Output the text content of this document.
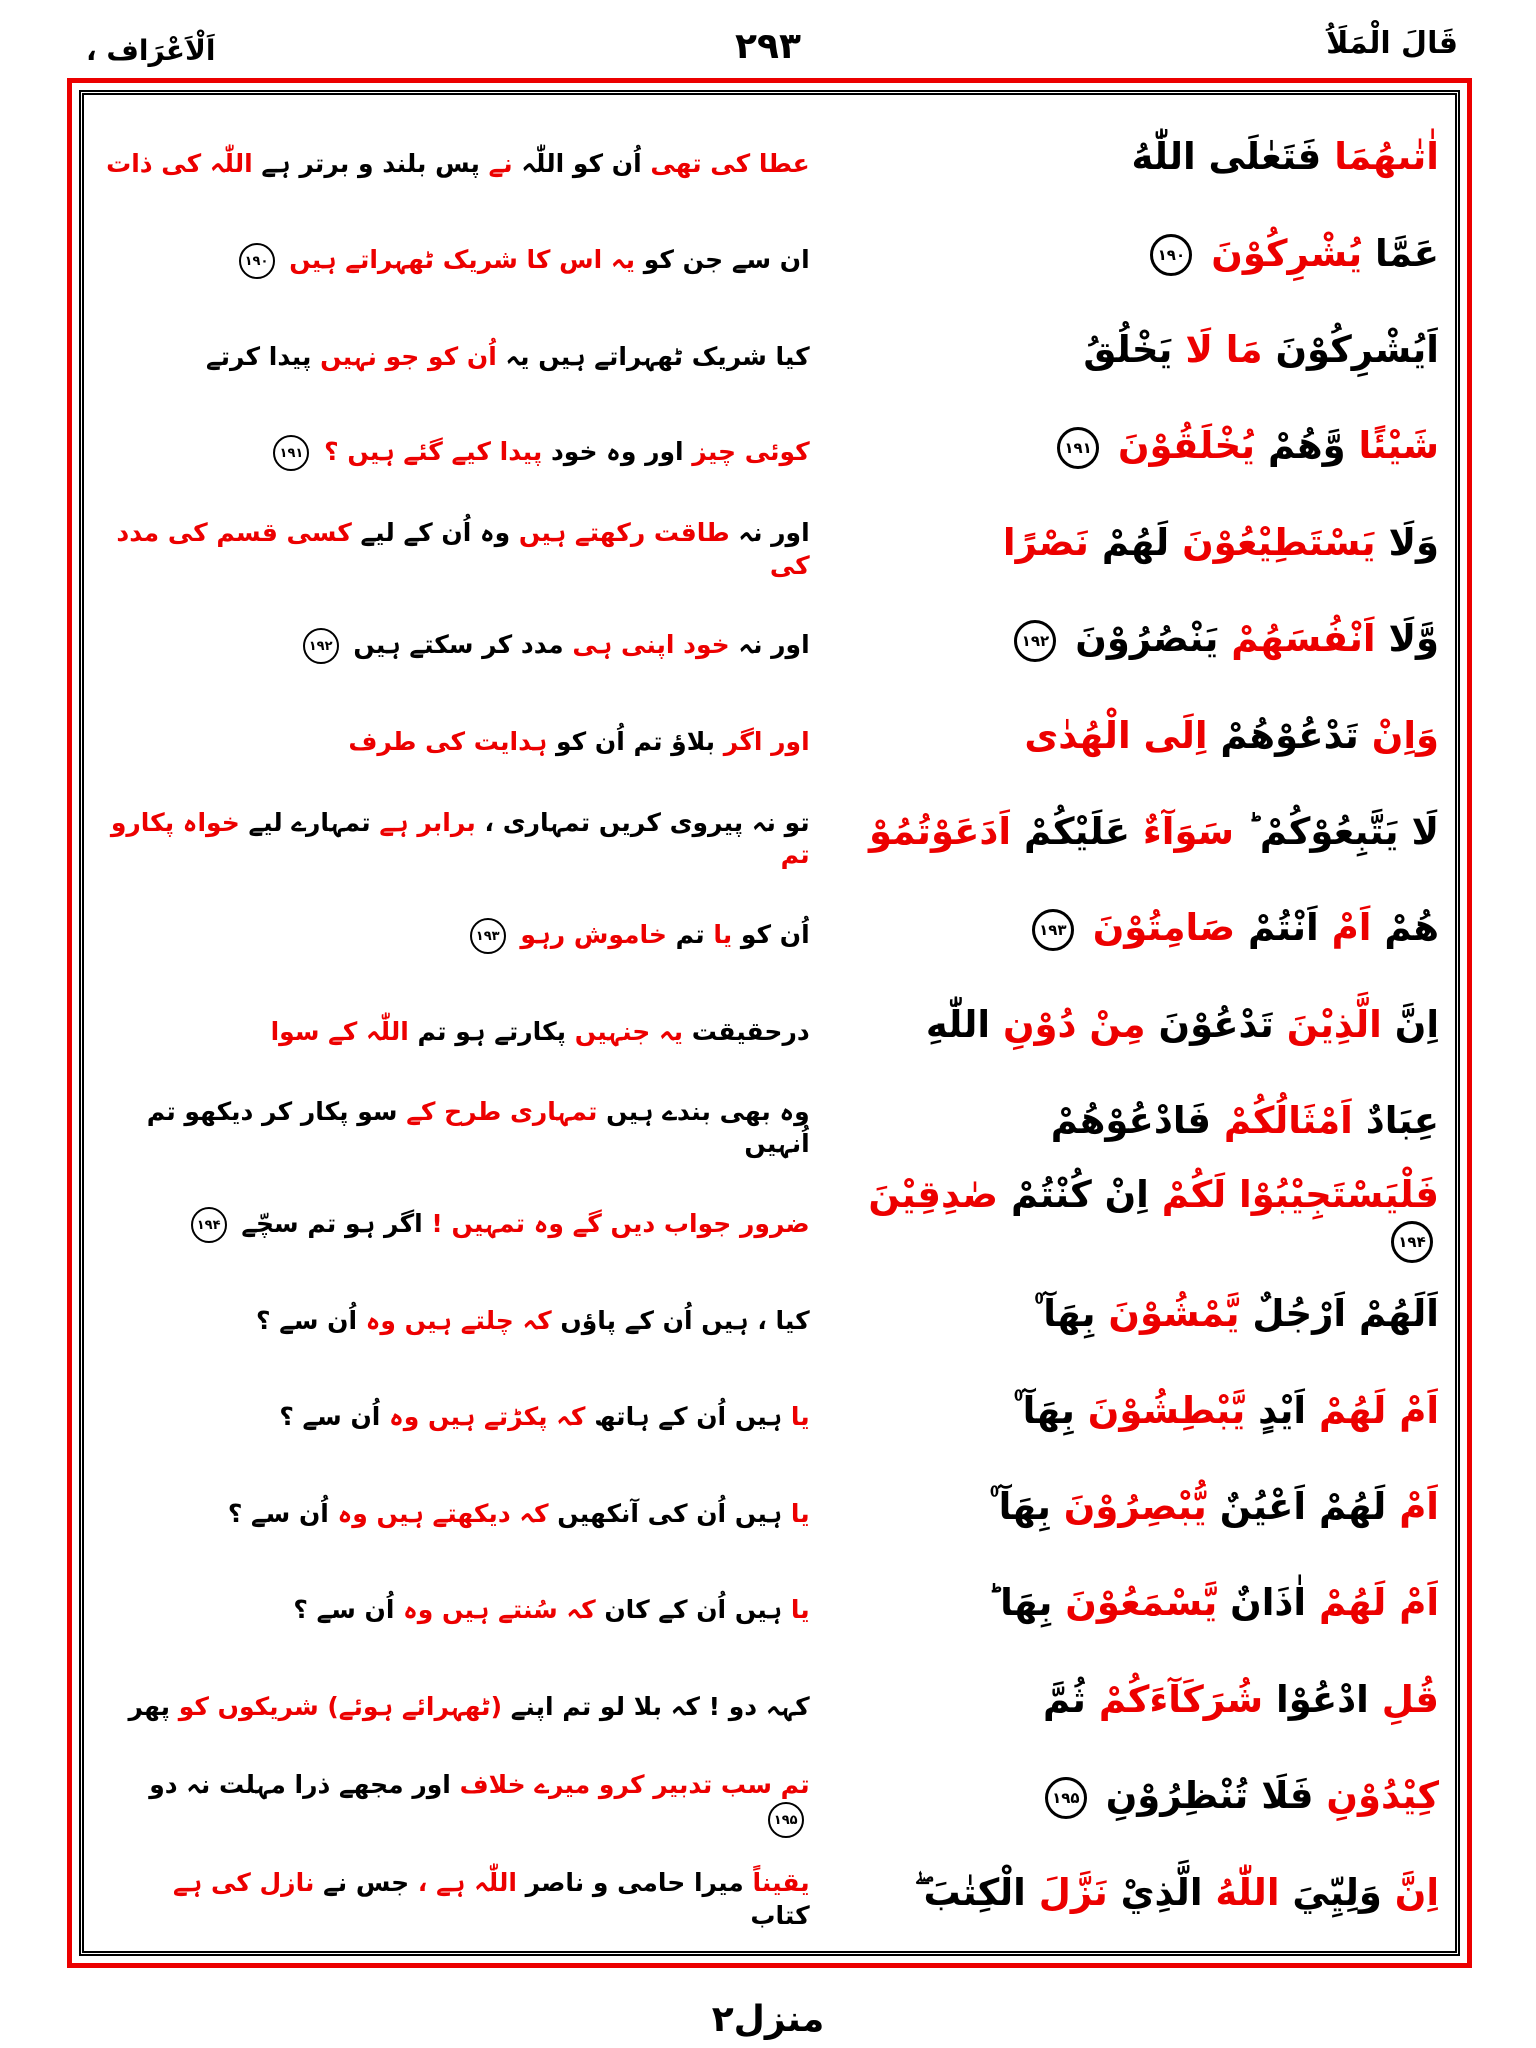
قَالَ الْمَلَاُ
۲۹۳
اَلْاَعْرَاف ،
اٰتٰىهُمَا فَتَعٰلَى اللّٰهُ
عطا کی تھی اُن کو اللّٰہ نے پس بلند و برتر ہے اللّٰہ کی ذات
عَمَّا يُشْرِكُوْنَ ۱۹۰
ان سے جن کو یہ اس کا شریک ٹھہراتے ہیں ۱۹۰
اَيُشْرِكُوْنَ مَا لَا يَخْلُقُ
کیا شریک ٹھہراتے ہیں یہ اُن کو جو نہیں پیدا کرتے
شَيْئًا وَّهُمْ يُخْلَقُوْنَ ۱۹۱
کوئی چیز اور وہ خود پیدا کیے گئے ہیں ؟ ۱۹۱
وَلَا يَسْتَطِيْعُوْنَ لَهُمْ نَصْرًا
اور نہ طاقت رکھتے ہیں وہ اُن کے لیے کسی قسم کی مدد کی
وَّلَا اَنْفُسَهُمْ يَنْصُرُوْنَ ۱۹۲
اور نہ خود اپنی ہی مدد کر سکتے ہیں ۱۹۲
وَاِنْ تَدْعُوْهُمْ اِلَى الْهُدٰى
اور اگر بلاؤ تم اُن کو ہدایت کی طرف
لَا يَتَّبِعُوْكُمْ ؕ سَوَآءٌ عَلَيْكُمْ اَدَعَوْتُمُوْ
تو نہ پیروی کریں تمہاری ، برابر ہے تمہارے لیے خواہ پکارو تم
هُمْ اَمْ اَنْتُمْ صَامِتُوْنَ ۱۹۳
اُن کو یا تم خاموش رہو ۱۹۳
اِنَّ الَّذِيْنَ تَدْعُوْنَ مِنْ دُوْنِ اللّٰهِ
درحقیقت یہ جنہیں پکارتے ہو تم اللّٰہ کے سوا
عِبَادٌ اَمْثَالُكُمْ فَادْعُوْهُمْ
وہ بھی بندے ہیں تمہاری طرح کے سو پکار کر دیکھو تم اُنہیں
فَلْيَسْتَجِيْبُوْا لَكُمْ اِنْ كُنْتُمْ صٰدِقِيْنَ ۱۹۴
ضرور جواب دیں گے وہ تمہیں ! اگر ہو تم سچّے ۱۹۴
اَلَهُمْ اَرْجُلٌ يَّمْشُوْنَ بِهَآ ۠
کیا ، ہیں اُن کے پاؤں کہ چلتے ہیں وہ اُن سے ؟
اَمْ لَهُمْ اَيْدٍ يَّبْطِشُوْنَ بِهَآ ۠
یا ہیں اُن کے ہاتھ کہ پکڑتے ہیں وہ اُن سے ؟
اَمْ لَهُمْ اَعْيُنٌ يُّبْصِرُوْنَ بِهَآ ۠
یا ہیں اُن کی آنکھیں کہ دیکھتے ہیں وہ اُن سے ؟
اَمْ لَهُمْ اٰذَانٌ يَّسْمَعُوْنَ بِهَا ؕ
یا ہیں اُن کے کان کہ سُنتے ہیں وہ اُن سے ؟
قُلِ ادْعُوْا شُرَكَآءَكُمْ ثُمَّ
کہہ دو ! کہ بلا لو تم اپنے (ٹھہرائے ہوئے) شریکوں کو پھر
كِيْدُوْنِ فَلَا تُنْظِرُوْنِ ۱۹۵
تم سب تدبیر کرو میرے خلاف اور مجھے ذرا مہلت نہ دو ۱۹۵
اِنَّ وَلِيِّيَ اللّٰهُ الَّذِيْ نَزَّلَ الْكِتٰبَ ۖ
یقیناً میرا حامی و ناصر اللّٰہ ہے ، جس نے نازل کی ہے کتاب
منزل۲
